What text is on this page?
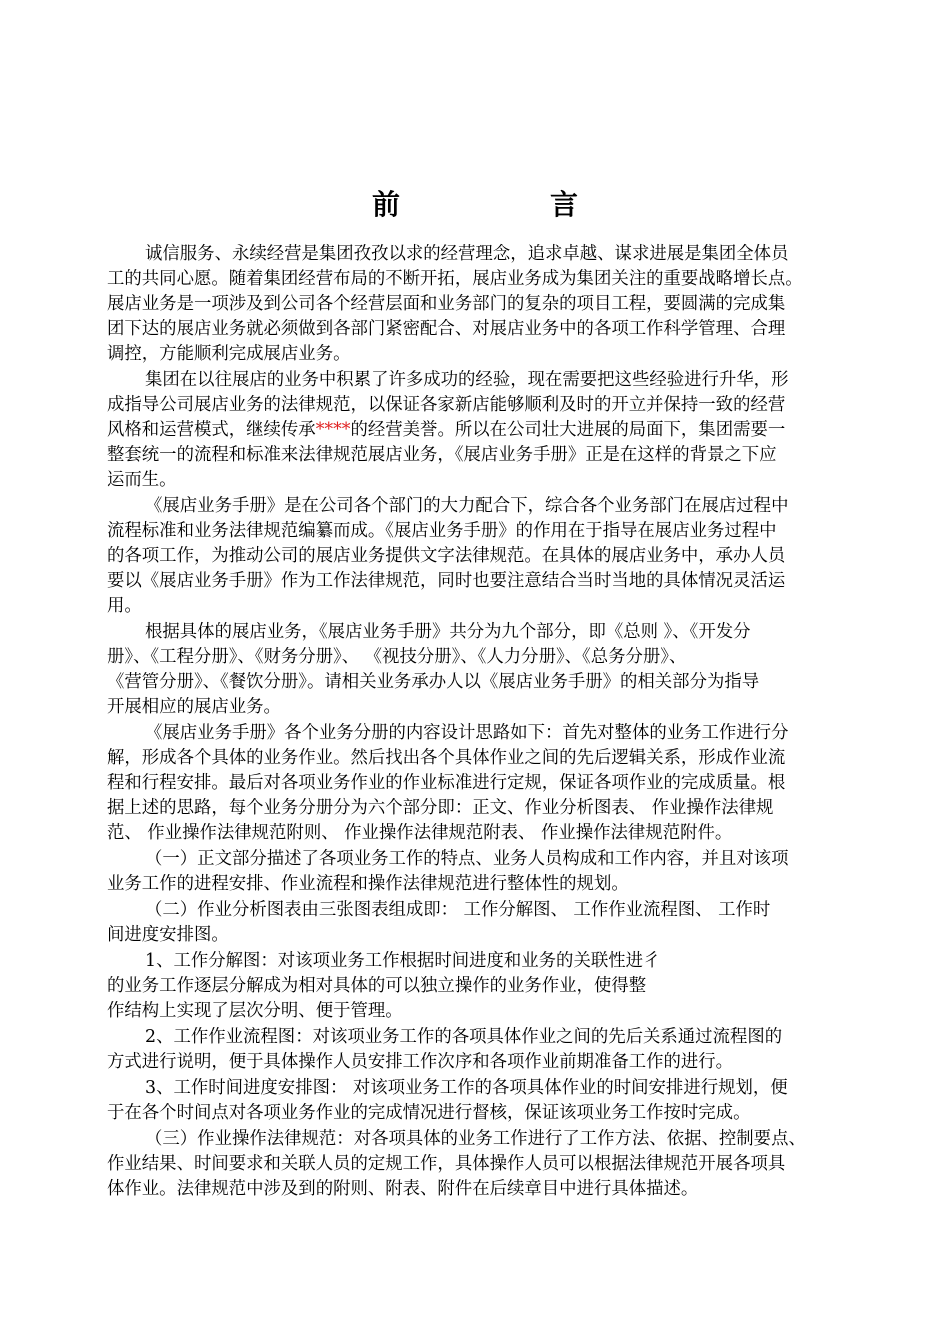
前	言
诚信服务、永续经营是集团孜孜以求的经营理念，追求卓越、谋求进展是集团全体员
工的共同心愿。随着集团经营布局的不断开拓，展店业务成为集团关注的重要战略增长点。
展店业务是一项涉及到公司各个经营层面和业务部门的复杂的项目工程，要圆满的完成集
团下达的展店业务就必须做到各部门紧密配合、对展店业务中的各项工作科学管理、合理
调控，方能顺利完成展店业务。
集团在以往展店的业务中积累了许多成功的经验，现在需要把这些经验进行升华，形
成指导公司展店业务的法律规范，以保证各家新店能够顺利及时的开立并保持一致的经营
风格和运营模式，继续传承****的经营美誉。所以在公司壮大进展的局面下，集团需要一
整套统一的流程和标准来法律规范展店业务，《展店业务手册》正是在这样的背景之下应
运而生。
《展店业务手册》是在公司各个部门的大力配合下，综合各个业务部门在展店过程中
流程标准和业务法律规范编纂而成。《展店业务手册》的作用在于指导在展店业务过程中
的各项工作，为推动公司的展店业务提供文字法律规范。在具体的展店业务中，承办人员
要以《展店业务手册》作为工作法律规范，同时也要注意结合当时当地的具体情况灵活运
用。
根据具体的展店业务，《展店业务手册》共分为九个部分，即《总则 》、《开发分
册》、《工程分册》、《财务分册》、 《视技分册》、《人力分册》、《总务分册》、
《营管分册》、《餐饮分册》。请相关业务承办人以《展店业务手册》的相关部分为指导
开展相应的展店业务。
《展店业务手册》各个业务分册的内容设计思路如下：首先对整体的业务工作进行分
解，形成各个具体的业务作业。然后找出各个具体作业之间的先后逻辑关系，形成作业流
程和行程安排。最后对各项业务作业的作业标准进行定规，保证各项作业的完成质量。根
据上述的思路，每个业务分册分为六个部分即：正文、作业分析图表、 作业操作法律规
范、 作业操作法律规范附则、 作业操作法律规范附表、 作业操作法律规范附件。
（一）正文部分描述了各项业务工作的特点、业务人员构成和工作内容，并且对该项
业务工作的进程安排、作业流程和操作法律规范进行整体性的规划。
（二）作业分析图表由三张图表组成即： 工作分解图、 工作作业流程图、 工作时
间进度安排图。
1、工作分解图：对该项业务工作根据时间进度和业务的关联性进彳
的业务工作逐层分解成为相对具体的可以独立操作的业务作业，使得整
作结构上实现了层次分明、便于管理。
2、工作作业流程图：对该项业务工作的各项具体作业之间的先后关系通过流程图的
方式进行说明，便于具体操作人员安排工作次序和各项作业前期准备工作的进行。
3、工作时间进度安排图： 对该项业务工作的各项具体作业的时间安排进行规划，便
于在各个时间点对各项业务作业的完成情况进行督核，保证该项业务工作按时完成。
（三）作业操作法律规范：对各项具体的业务工作进行了工作方法、依据、控制要点、
作业结果、时间要求和关联人员的定规工作，具体操作人员可以根据法律规范开展各项具
体作业。法律规范中涉及到的附则、附表、附件在后续章目中进行具体描述。
